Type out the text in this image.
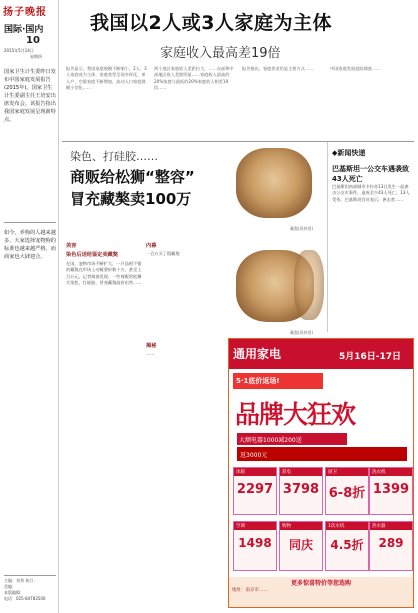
扬子晚报
国际·国内
10
2015年5月14日
星期四
国家卫生计生委昨日发布中国家庭发展报告(2015年)。国家卫生计生委副主任王培安出席发布会。该报告指出我国家庭发展呈现新特点。
如今，养狗的人越来越多，大家选择宠物狗的标准也越来越严格，而商家也大肆迎合。
主编：刘秀 执行：
美编：
本版编辑：
电话：025-84783500
我国以2人或3人家庭为主体
家庭收入最高差19倍
报告显示，我国家庭规模不断缩小，2人、3人家庭成为主体，家庭类型呈现多样化，单人户、空巢家庭不断增加，流动人口家庭规模小型化……
两个地区家庭收入差距拉大，……东部和中部地区收入差距明显……家庭收入最高的20%家庭与最低的20%家庭收入相差19倍……
报告指出，家庭养老仍是主要方式……	中国家庭发展追踪调查……
染色、打硅胶……
商贩给松狮“整容”
冒充藏獒卖100万
藏獒(资料图)
藏獒(资料图)
美容
染色后送给鉴定卖藏獒
在国，宠物市场不断扩大，一只品相不错的藏獒在市场上动辄要价数十万，甚至上百万元。记者调查发现，一些商贩给松狮犬染色、打硅胶，冒充藏獒高价出售……
内幕
一百万买了假藏獒
揭秘
……
◆新闻快递
巴基斯坦一公交车遇袭致43人死亡
巴基斯坦南部城市卡拉奇13日发生一起袭击公交车事件，造成至少43人死亡，13人受伤。巴基斯坦官员表示，袭击者……
通用家电	5月16日-17日
5·1底价返场!
品牌大狂欢
大额电器1000减200送
返3000元
冰箱
2297
彩电
3798
厨卫
6-8折
洗衣机
1399
空调
1498
购物
同庆
1次水机
4.5折
热水器
289
更多惊喜特价等您选购
地址：南京市……
